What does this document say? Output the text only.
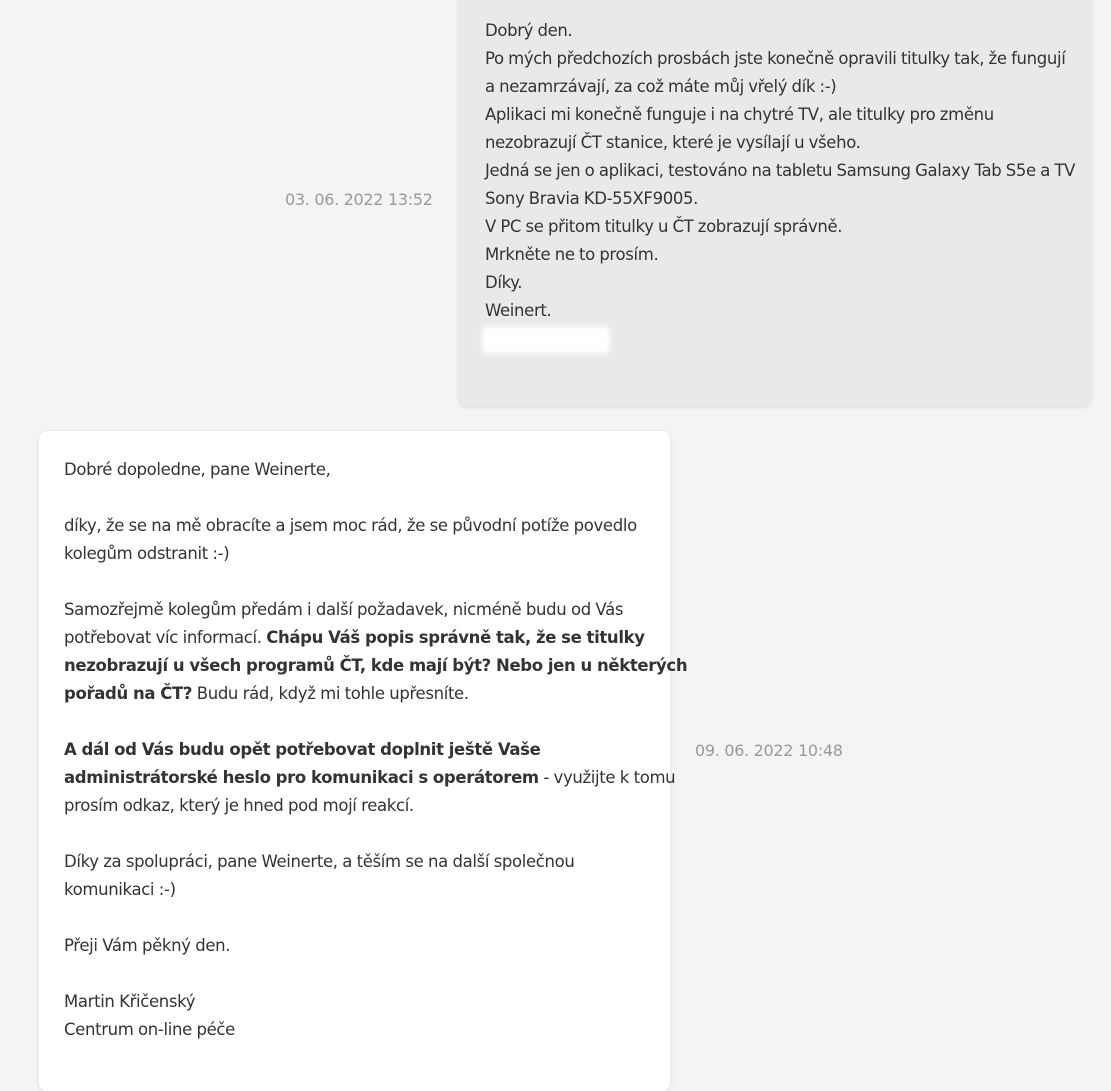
03. 06. 2022 13:52
Dobrý den.
Po mých předchozích prosbách jste konečně opravili titulky tak, že fungují
a nezamrzávají, za což máte můj vřelý dík :-)
Aplikaci mi konečně funguje i na chytré TV, ale titulky pro změnu
nezobrazují ČT stanice, které je vysílají u všeho.
Jedná se jen o aplikaci, testováno na tabletu Samsung Galaxy Tab S5e a TV
Sony Bravia KD-55XF9005.
V PC se přitom titulky u ČT zobrazují správně.
Mrkněte ne to prosím.
Díky.
Weinert.
09. 06. 2022 10:48
Dobré dopoledne, pane Weinerte,
díky, že se na mě obracíte a jsem moc rád, že se původní potíže povedlo
kolegům odstranit :-)
Samozřejmě kolegům předám i další požadavek, nicméně budu od Vás
potřebovat víc informací. Chápu Váš popis správně tak, že se titulky
nezobrazují u všech programů ČT, kde mají být? Nebo jen u některých
pořadů na ČT? Budu rád, když mi tohle upřesníte.
A dál od Vás budu opět potřebovat doplnit ještě Vaše
administrátorské heslo pro komunikaci s operátorem - využijte k tomu
prosím odkaz, který je hned pod mojí reakcí.
Díky za spolupráci, pane Weinerte, a těším se na další společnou
komunikaci :-)
Přeji Vám pěkný den.
Martin Křičenský
Centrum on-line péče
